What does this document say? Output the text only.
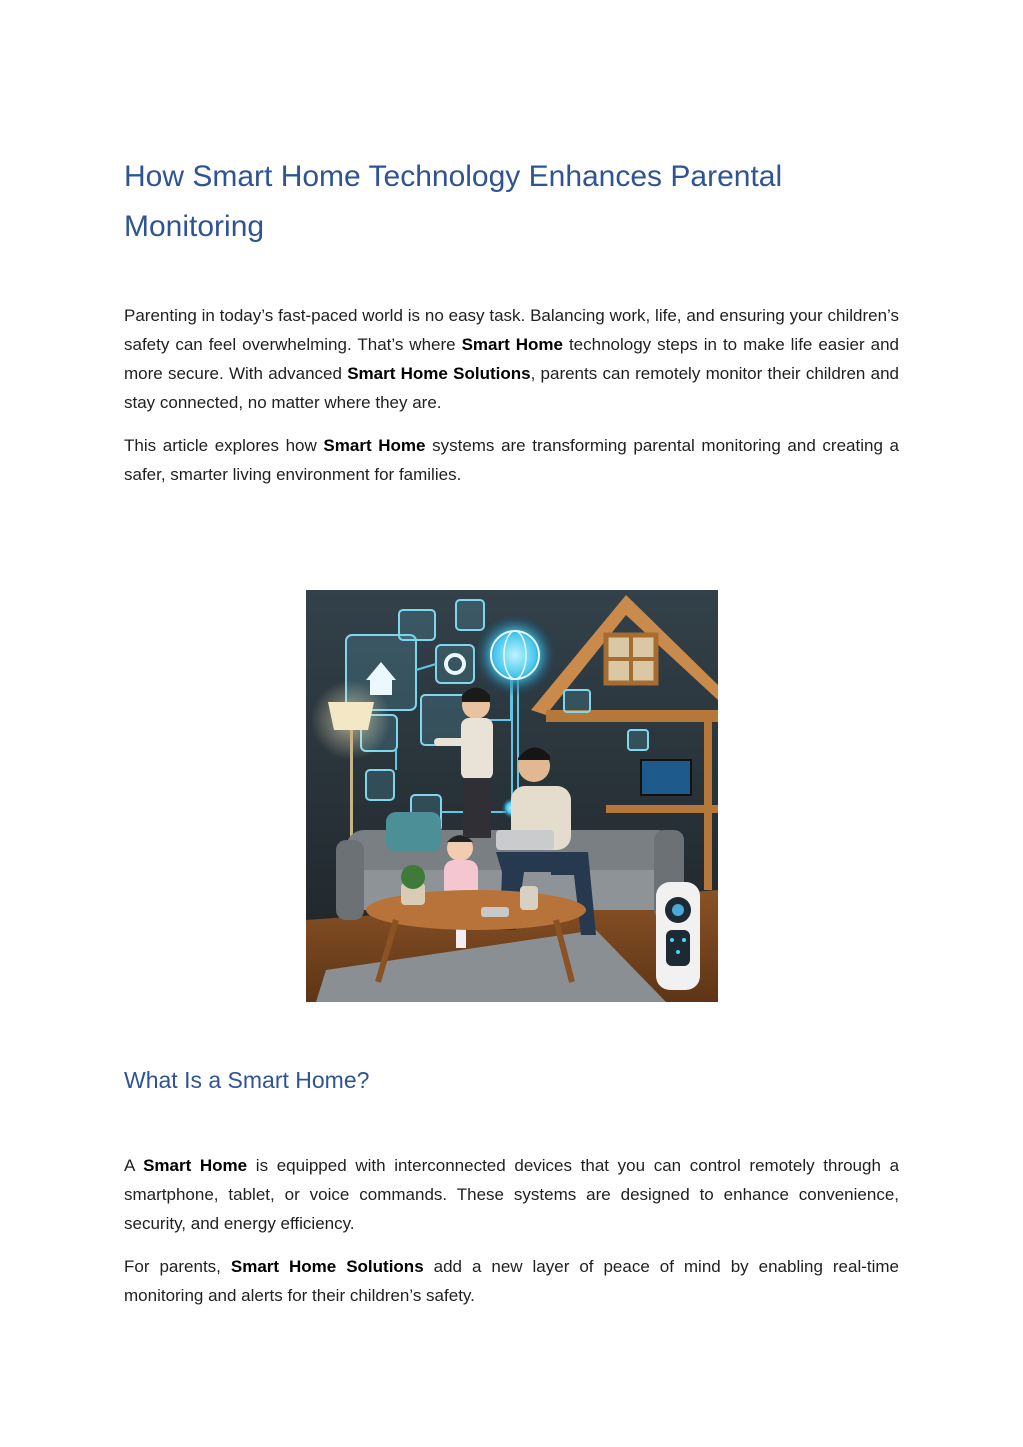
How Smart Home Technology Enhances Parental Monitoring

Parenting in today’s fast-paced world is no easy task. Balancing work, life, and ensuring your children’s safety can feel overwhelming. That’s where Smart Home technology steps in to make life easier and more secure. With advanced Smart Home Solutions, parents can remotely monitor their children and stay connected, no matter where they are.

This article explores how Smart Home systems are transforming parental monitoring and creating a safer, smarter living environment for families.

What Is a Smart Home?

A Smart Home is equipped with interconnected devices that you can control remotely through a smartphone, tablet, or voice commands. These systems are designed to enhance convenience, security, and energy efficiency.

For parents, Smart Home Solutions add a new layer of peace of mind by enabling real-time monitoring and alerts for their children’s safety.
